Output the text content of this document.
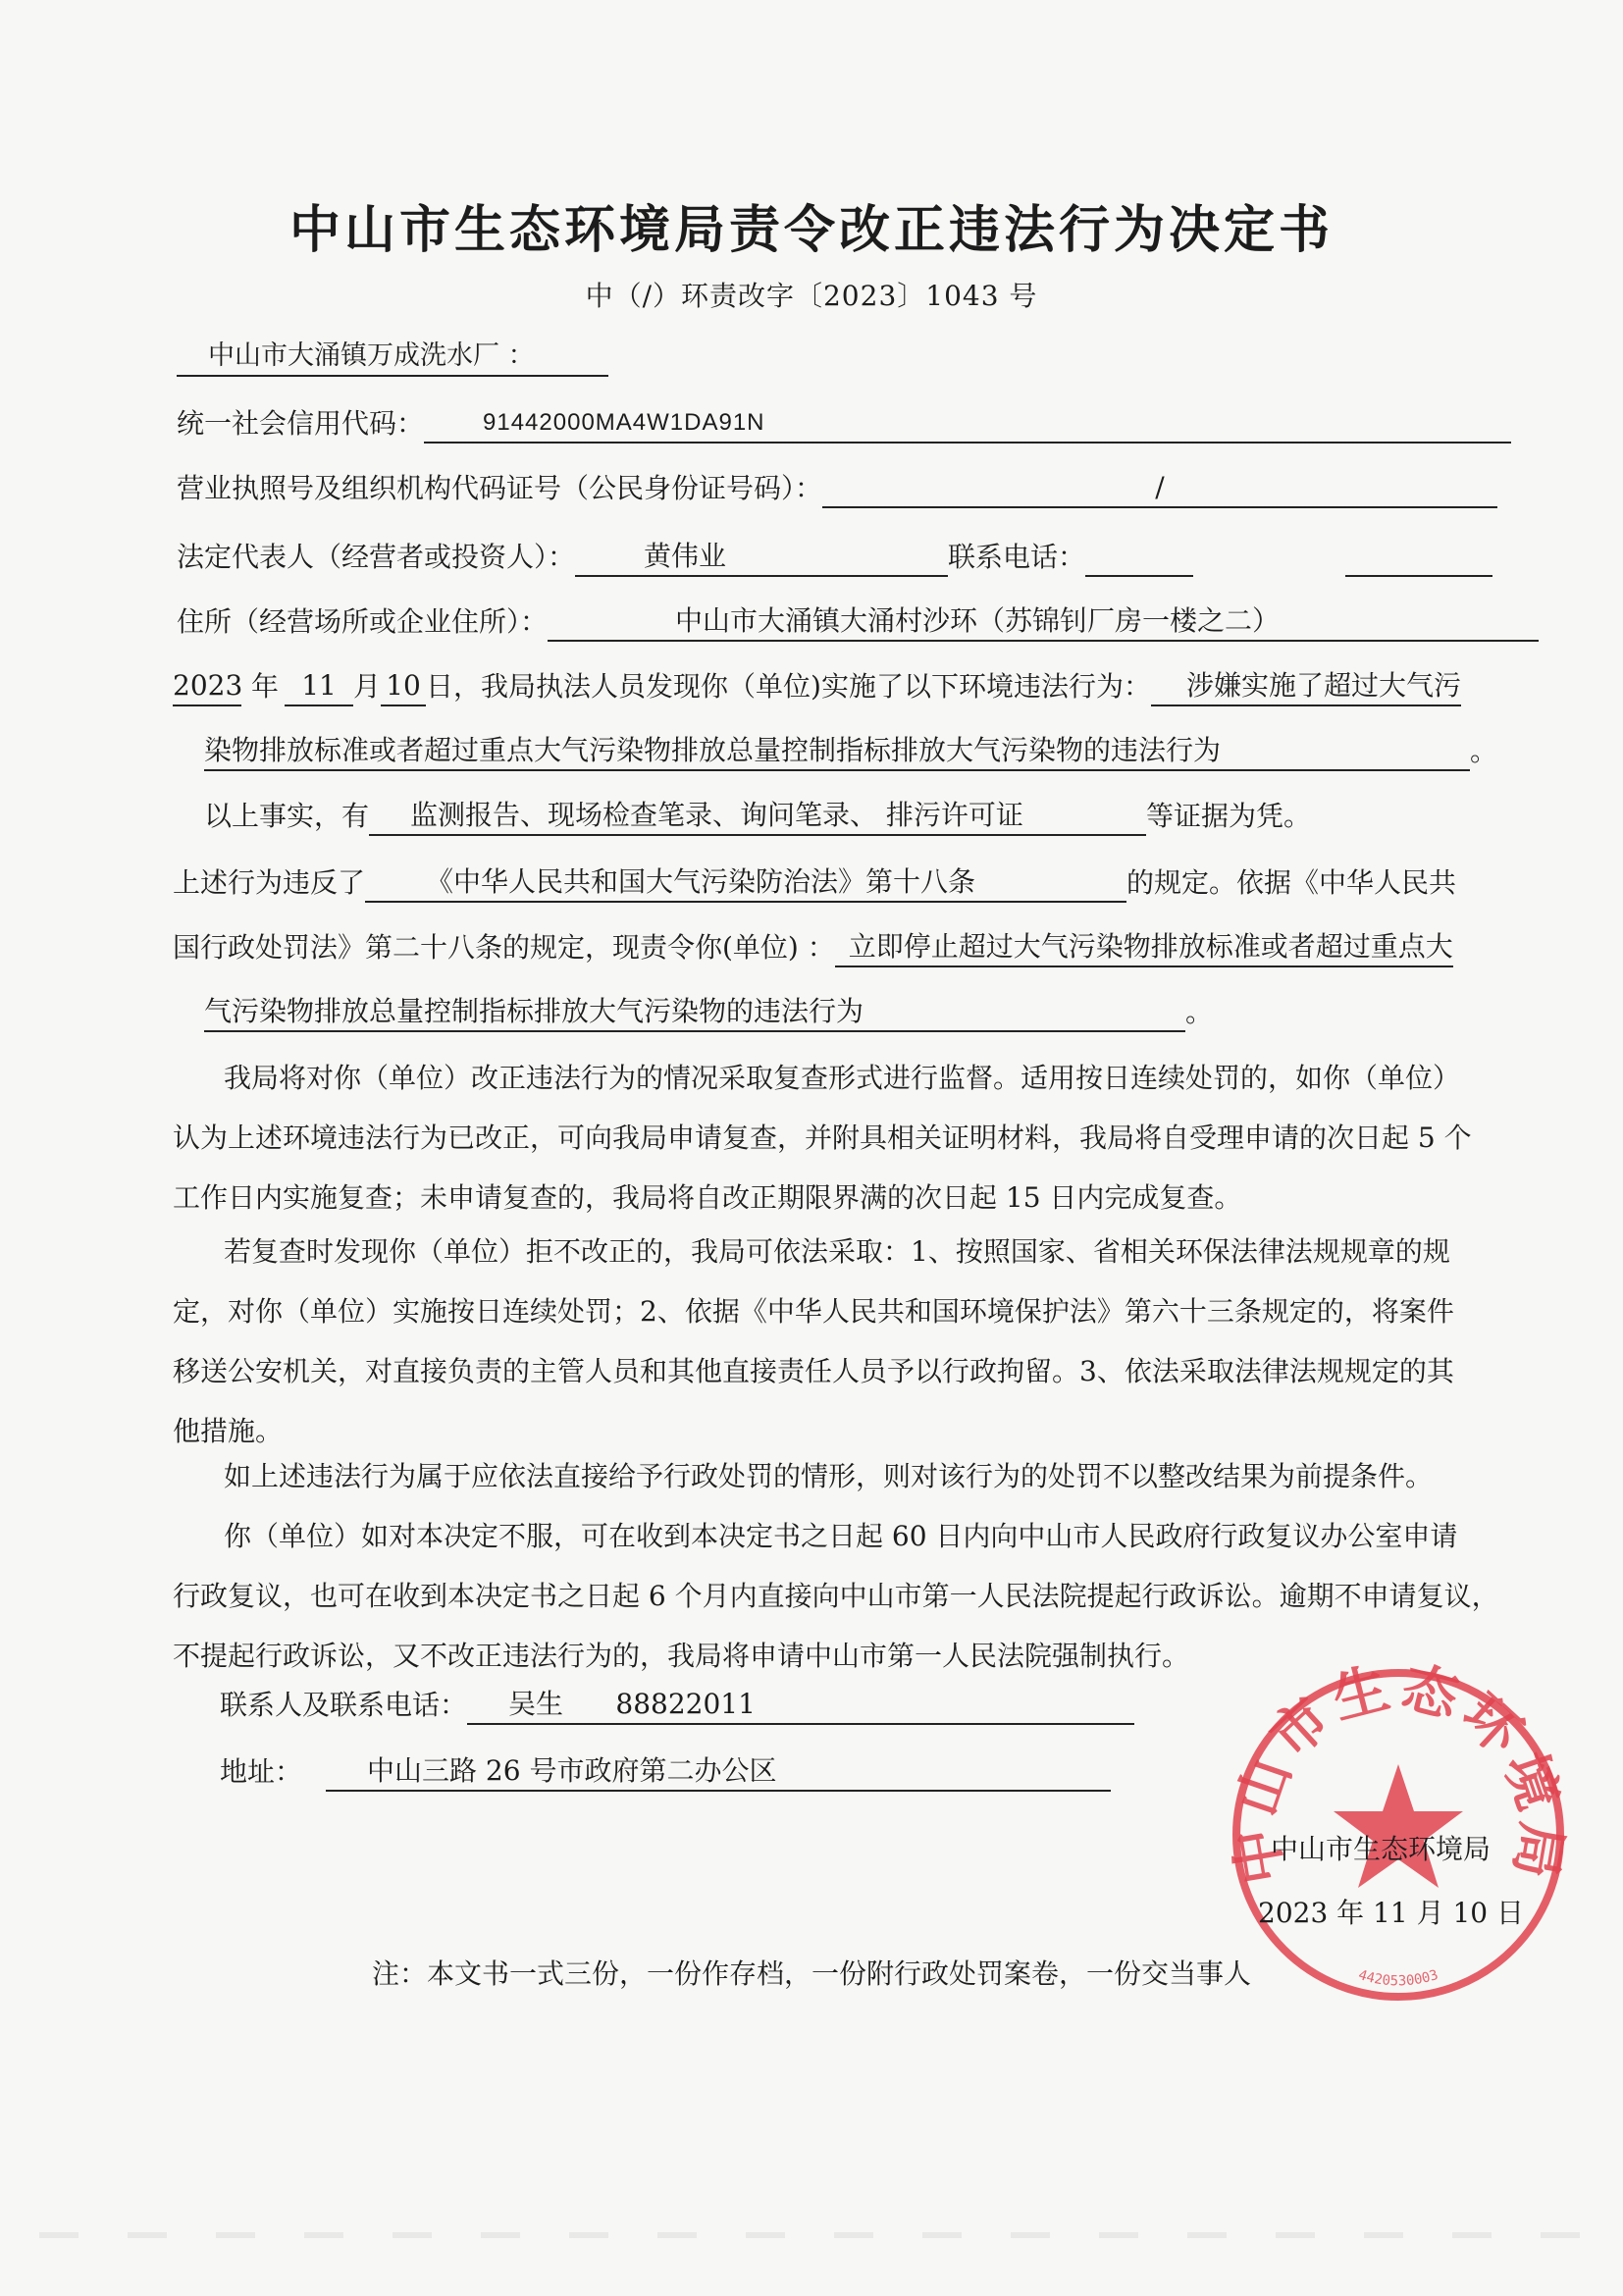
中山市生态环境局责令改正违法行为决定书
中（/）环责改字〔2023〕1043 号
中山市大涌镇万成洗水厂 ：
统一社会信用代码：	91442000MA4W1DA91N
营业执照号及组织机构代码证号（公民身份证号码）：	/
法定代表人（经营者或投资人）：	黄伟业	联系电话：
住所（经营场所或企业住所）：	中山市大涌镇大涌村沙环（苏锦钊厂房一楼之二）
2023 年 11 月 10 日，我局执法人员发现你（单位)实施了以下环境违法行为： 涉嫌实施了超过大气污
染物排放标准或者超过重点大气污染物排放总量控制指标排放大气污染物的违法行为	。
以上事实，有 监测报告、现场检查笔录、询问笔录、 排污许可证	等证据为凭。
上述行为违反了 《中华人民共和国大气污染防治法》第十八条	的规定。依据《中华人民共
国行政处罚法》第二十八条的规定，现责令你(单位) ： 立即停止超过大气污染物排放标准或者超过重点大
气污染物排放总量控制指标排放大气污染物的违法行为	。
我局将对你（单位）改正违法行为的情况采取复查形式进行监督。适用按日连续处罚的，如你（单位）
认为上述环境违法行为已改正，可向我局申请复查，并附具相关证明材料，我局将自受理申请的次日起 5 个
工作日内实施复查；未申请复查的，我局将自改正期限界满的次日起 15 日内完成复查。
若复查时发现你（单位）拒不改正的，我局可依法采取：1、按照国家、省相关环保法律法规规章的规
定，对你（单位）实施按日连续处罚；2、依据《中华人民共和国环境保护法》第六十三条规定的，将案件
移送公安机关，对直接负责的主管人员和其他直接责任人员予以行政拘留。3、依法采取法律法规规定的其
他措施。
如上述违法行为属于应依法直接给予行政处罚的情形，则对该行为的处罚不以整改结果为前提条件。
你（单位）如对本决定不服，可在收到本决定书之日起 60 日内向中山市人民政府行政复议办公室申请
行政复议，也可在收到本决定书之日起 6 个月内直接向中山市第一人民法院提起行政诉讼。逾期不申请复议，
不提起行政诉讼，又不改正违法行为的，我局将申请中山市第一人民法院强制执行。
联系人及联系电话： 吴生      88822011
地址： 中山三路 26 号市政府第二办公区
中山市生态环境局
4420530003
中山市生态环境局
2023 年 11 月 10 日
注：本文书一式三份，一份作存档，一份附行政处罚案卷，一份交当事人
